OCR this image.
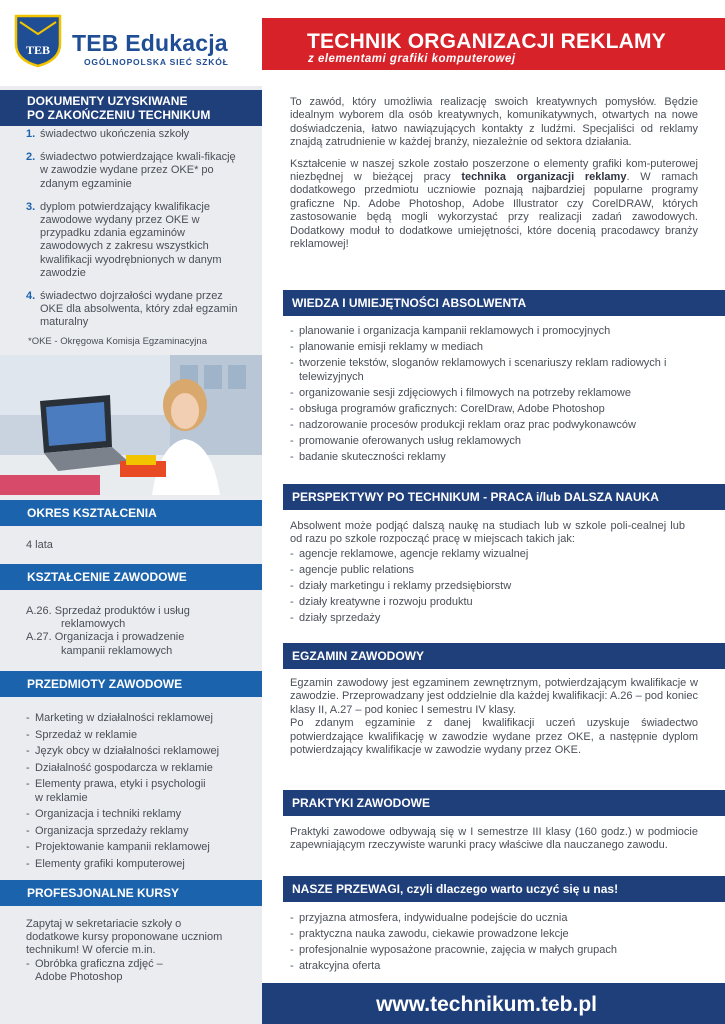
TEB TEB Edukacja
OGÓLNOPOLSKA SIEĆ SZKÓŁ
TECHNIK ORGANIZACJI REKLAMY
z elementami grafiki komputerowej
DOKUMENTY UZYSKIWANE
PO ZAKOŃCZENIU TECHNIKUM
1. świadectwo ukończenia szkoły
2. świadectwo potwierdzające kwali-fikację w zawodzie wydane przez OKE* po zdanym egzaminie
3. dyplom potwierdzający kwalifikacje zawodowe wydany przez OKE w przypadku zdania egzaminów zawodowych z zakresu wszystkich kwalifikacji wyodrębnionych w danym zawodzie
4. świadectwo dojrzałości wydane przez OKE dla absolwenta, który zdał egzamin maturalny
*OKE - Okręgowa Komisja Egzaminacyjna
OKRES KSZTAŁCENIA
4 lata
KSZTAŁCENIE ZAWODOWE
A.26. Sprzedaż produktów i usług reklamowych
A.27. Organizacja i prowadzenie kampanii reklamowych
PRZEDMIOTY ZAWODOWE
- Marketing w działalności reklamowej
- Sprzedaż w reklamie
- Język obcy w działalności reklamowej
- Działalność gospodarcza w reklamie
- Elementy prawa, etyki i psychologii w reklamie
- Organizacja i techniki reklamy
- Organizacja sprzedaży reklamy
- Projektowanie kampanii reklamowej
- Elementy grafiki komputerowej
PROFESJONALNE KURSY
Zapytaj w sekretariacie szkoły o dodatkowe kursy proponowane uczniom technikum! W ofercie m.in.
- Obróbka graficzna zdjęć – Adobe Photoshop
-
-

To zawód, który umożliwia realizację swoich kreatywnych pomysłów. Będzie idealnym wyborem dla osób kreatywnych, komunikatywnych, otwartych na nowe doświadczenia, łatwo nawiązujących kontakty z ludźmi. Specjaliści od reklamy znajdą zatrudnienie w każdej branży, niezależnie od sektora działania.

Kształcenie w naszej szkole zostało poszerzone o elementy grafiki kom-puterowej niezbędnej w bieżącej pracy technika organizacji reklamy. W ramach dodatkowego przedmiotu uczniowie poznają najbardziej popularne programy graficzne Np. Adobe Photoshop, Adobe Illustrator czy CorelDRAW, których zastosowanie będą mogli wykorzystać przy realizacji zadań zawodowych. Dodatkowy moduł to dodatkowe umiejętności, które docenią pracodawcy branży reklamowej!

WIEDZA I UMIEJĘTNOŚCI ABSOLWENTA
- planowanie i organizacja kampanii reklamowych i promocyjnych
- planowanie emisji reklamy w mediach
- tworzenie tekstów, sloganów reklamowych i scenariuszy reklam radiowych i telewizyjnych
- organizowanie sesji zdjęciowych i filmowych na potrzeby reklamowe
- obsługa programów graficznych: CorelDraw, Adobe Photoshop
- nadzorowanie procesów produkcji reklam oraz prac podwykonawców
- promowanie oferowanych usług reklamowych
- badanie skuteczności reklamy
PERSPEKTYWY PO TECHNIKUM - PRACA i/lub DALSZA NAUKA

Absolwent może podjąć dalszą naukę na studiach lub w szkole poli-cealnej lub od razu po szkole rozpocząć pracę w miejscach takich jak:

- agencje reklamowe, agencje reklamy wizualnej
- agencje public relations
- działy marketingu i reklamy przedsiębiorstw
- działy kreatywne i rozwoju produktu
- działy sprzedaży
EGZAMIN ZAWODOWY

Egzamin zawodowy jest egzaminem zewnętrznym, potwierdzającym kwalifikacje w zawodzie. Przeprowadzany jest oddzielnie dla każdej kwalifikacji: A.26 – pod koniec klasy II, A.27 – pod koniec I semestru IV klasy.

Po zdanym egzaminie z danej kwalifikacji uczeń uzyskuje świadectwo potwierdzające kwalifikację w zawodzie wydane przez OKE, a następnie dyplom potwierdzający kwalifikacje w zawodzie wydany przez OKE.

PRAKTYKI ZAWODOWE
Praktyki zawodowe odbywają się w I semestrze III klasy (160 godz.) w podmiocie zapewniającym rzeczywiste warunki pracy właściwe dla nauczanego zawodu.
NASZE PRZEWAGI, czyli dlaczego warto uczyć się u nas!
- przyjazna atmosfera, indywidualne podejście do ucznia
- praktyczna nauka zawodu, ciekawie prowadzone lekcje
- profesjonalnie wyposażone pracownie, zajęcia w małych grupach
- atrakcyjna oferta
www.technikum.teb.pl
